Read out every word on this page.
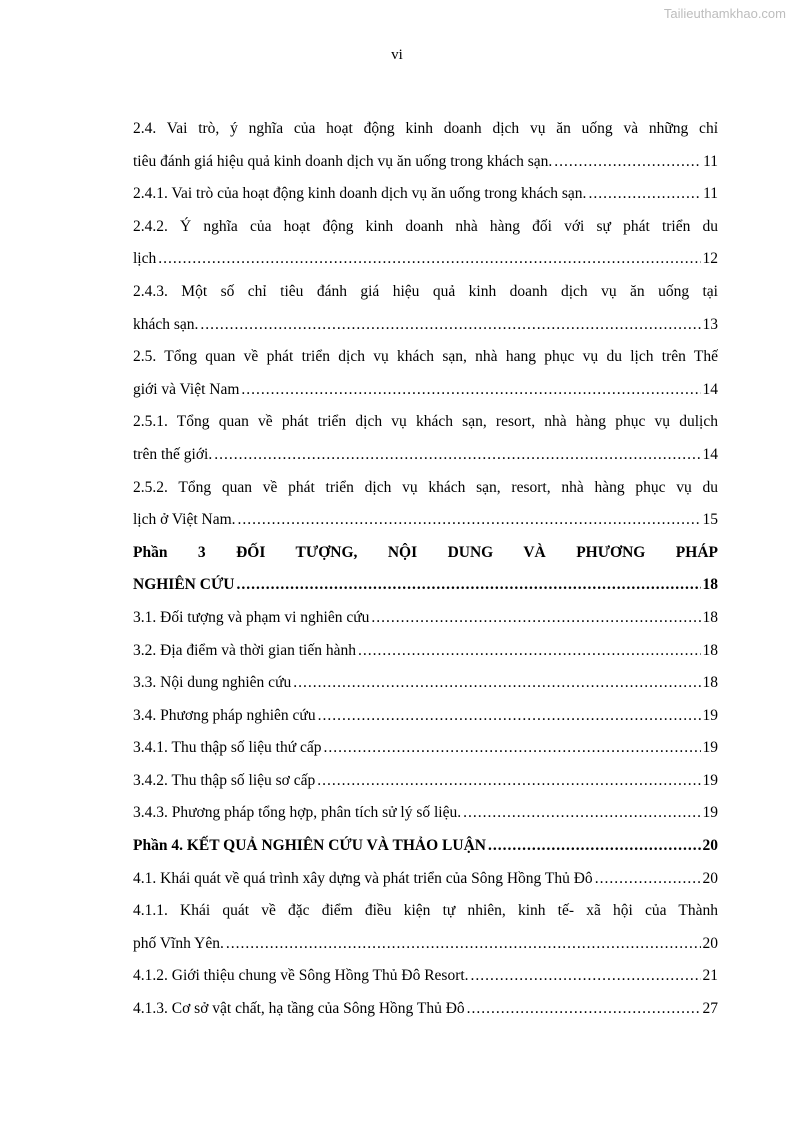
Tailieuthamkhao.com
vi
2.4. Vai trò, ý nghĩa của hoạt động kinh doanh dịch vụ ăn uống và những chỉ
tiêu đánh giá hiệu quả kinh doanh dịch vụ ăn uống trong khách sạn. .....	11
2.4.1. Vai trò của hoạt động kinh doanh dịch vụ ăn uống trong khách sạn. .....	11
2.4.2. Ý nghĩa của hoạt động kinh doanh nhà hàng đối với sự phát triển du
lịch .....	12
2.4.3. Một số chỉ tiêu đánh giá hiệu quả kinh doanh dịch vụ ăn uống tại
khách sạn. .....	13
2.5. Tổng quan về phát triển dịch vụ khách sạn, nhà hang phục vụ du lịch trên Thế
giới và Việt Nam .....	14
2.5.1. Tổng quan về phát triển dịch vụ khách sạn, resort, nhà hàng phục vụ dulịch
trên thế giới. .....	14
2.5.2. Tổng quan về phát triển dịch vụ khách sạn, resort, nhà hàng phục vụ du
lịch ở Việt Nam. .....	15
Phần 3 ĐỐI TƯỢNG, NỘI DUNG VÀ PHƯƠNG PHÁP
NGHIÊN CỨU .....	18
3.1. Đối tượng và phạm vi nghiên cứu .....	18
3.2. Địa điểm và thời gian tiến hành .....	18
3.3. Nội dung nghiên cứu .....	18
3.4. Phương pháp nghiên cứu .....	19
3.4.1. Thu thập số liệu thứ cấp .....	19
3.4.2. Thu thập số liệu sơ cấp .....	19
3.4.3. Phương pháp tổng hợp, phân tích sử lý số liệu. .....	19
Phần 4. KẾT QUẢ NGHIÊN CỨU VÀ THẢO LUẬN .....	20
4.1. Khái quát về quá trình xây dựng và phát triển của Sông Hồng Thủ Đô .....	20
4.1.1. Khái quát về đặc điểm điều kiện tự nhiên, kinh tế- xã hội của Thành
phố Vĩnh Yên. .....	20
4.1.2. Giới thiệu chung về Sông Hồng Thủ Đô Resort. .....	21
4.1.3. Cơ sở vật chất, hạ tầng của Sông Hồng Thủ Đô .....	27
